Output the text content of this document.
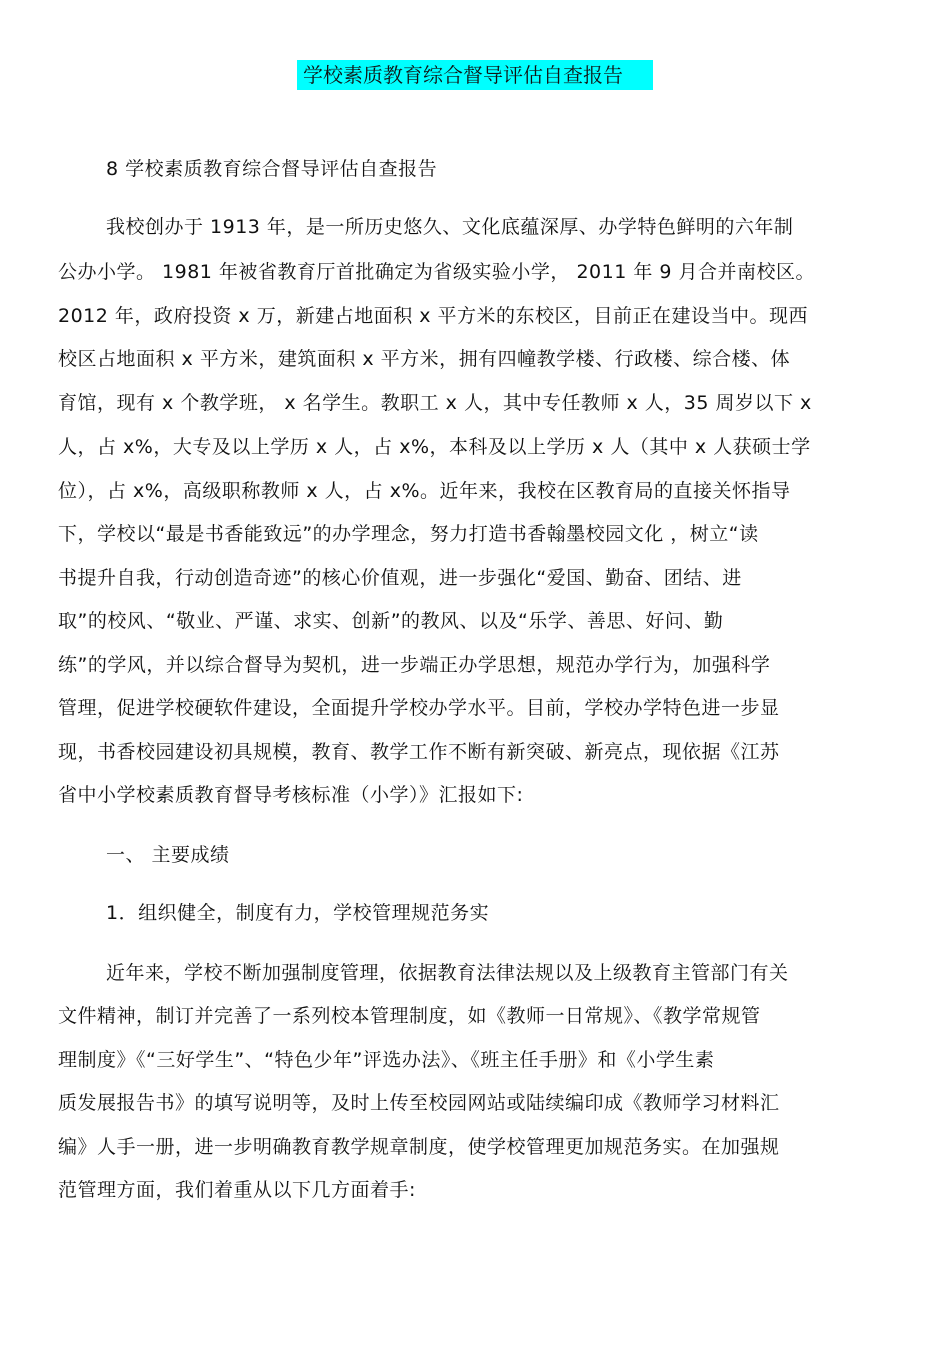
学校素质教育综合督导评估自查报告
8 学校素质教育综合督导评估自查报告
我校创办于 1913 年，是一所历史悠久、文化底蕴深厚、办学特色鲜明的六年制
公办小学。 1981 年被省教育厅首批确定为省级实验小学， 2011 年 9 月合并南校区。
2012 年，政府投资 x 万，新建占地面积 x 平方米的东校区，目前正在建设当中。现西
校区占地面积 x 平方米，建筑面积 x 平方米，拥有四幢教学楼、行政楼、综合楼、体
育馆，现有 x 个教学班， x 名学生。教职工 x 人，其中专任教师 x 人，35 周岁以下 x
人，占 x%，大专及以上学历 x 人，占 x%，本科及以上学历 x 人（其中 x 人获硕士学
位），占 x%，高级职称教师 x 人，占 x%。近年来，我校在区教育局的直接关怀指导
下，学校以“最是书香能致远”的办学理念，努力打造书香翰墨校园文化 ，树立“读
书提升自我，行动创造奇迹”的核心价值观，进一步强化“爱国、勤奋、团结、进
取”的校风、“敬业、严谨、求实、创新”的教风、以及“乐学、善思、好问、勤
练”的学风，并以综合督导为契机，进一步端正办学思想，规范办学行为，加强科学
管理，促进学校硬软件建设，全面提升学校办学水平。目前，学校办学特色进一步显
现，书香校园建设初具规模，教育、教学工作不断有新突破、新亮点，现依据《江苏
省中小学校素质教育督导考核标准（小学）》汇报如下:
一、 主要成绩
1．组织健全，制度有力，学校管理规范务实
近年来，学校不断加强制度管理，依据教育法律法规以及上级教育主管部门有关
文件精神，制订并完善了一系列校本管理制度，如《教师一日常规》、《教学常规管
理制度》《“三好学生”、“特色少年”评选办法》、《班主任手册》和《小学生素
质发展报告书》的填写说明等，及时上传至校园网站或陆续编印成《教师学习材料汇
编》人手一册，进一步明确教育教学规章制度，使学校管理更加规范务实。在加强规
范管理方面，我们着重从以下几方面着手:
